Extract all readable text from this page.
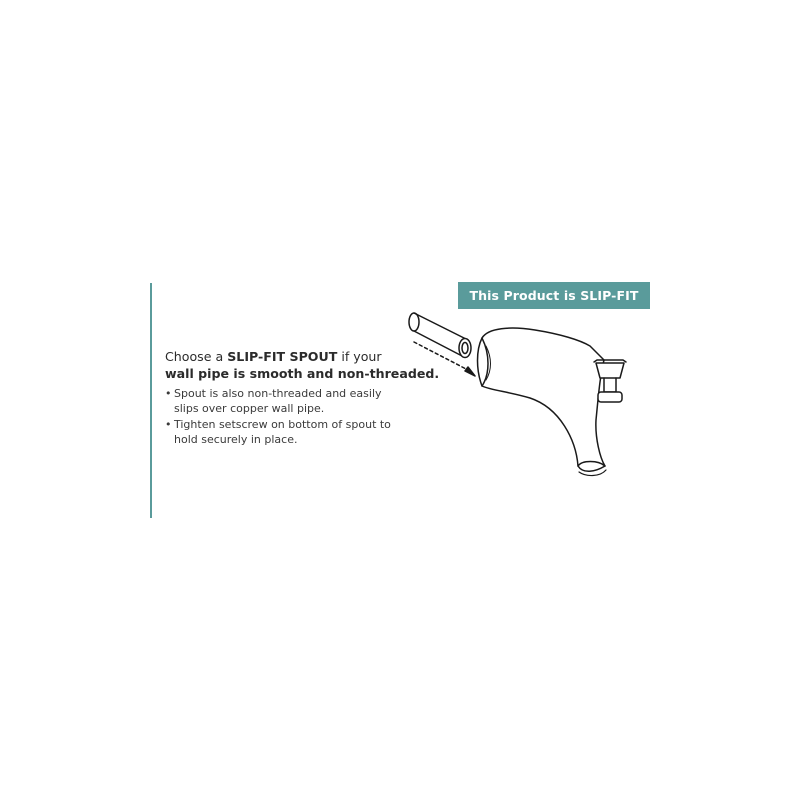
This Product is SLIP-FIT

Choose a SLIP-FIT SPOUT if your
wall pipe is smooth and non-threaded.

• Spout is also non-threaded and easily
slips over copper wall pipe.
• Tighten setscrew on bottom of spout to
hold securely in place.
